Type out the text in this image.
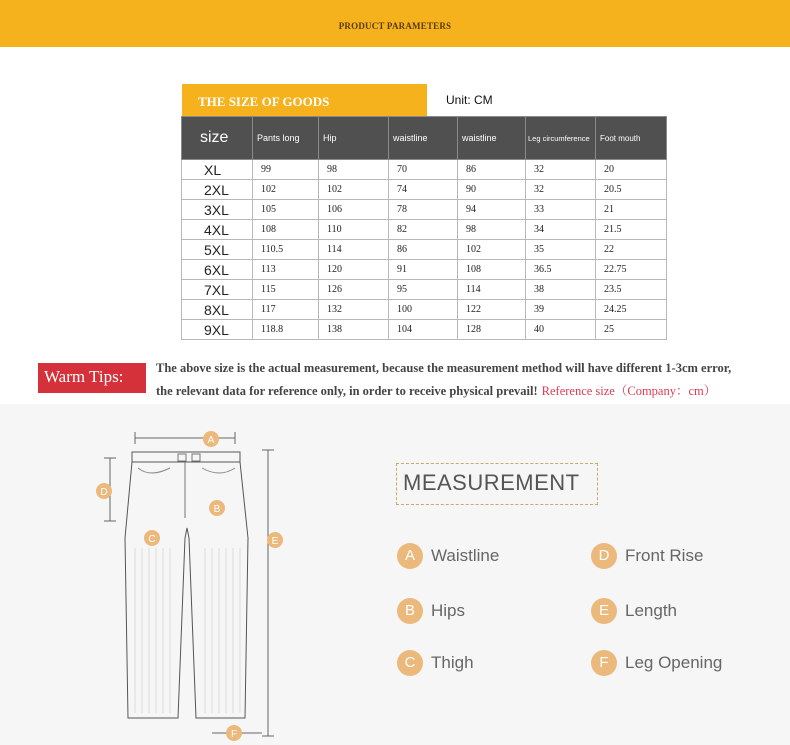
PRODUCT PARAMETERS
THE SIZE OF GOODS	Unit: CM
size	Pants long	Hip	waistline	waistline	Leg circumference	Foot mouth
XL	99	98	70	86	32	20
2XL	102	102	74	90	32	20.5
3XL	105	106	78	94	33	21
4XL	108	110	82	98	34	21.5
5XL	110.5	114	86	102	35	22
6XL	113	120	91	108	36.5	22.75
7XL	115	126	95	114	38	23.5
8XL	117	132	100	122	39	24.25
9XL	118.8	138	104	128	40	25
Warm Tips:	The above size is the actual measurement, because the measurement method will have different 1-3cm error,
the relevant data for reference only, in order to receive physical prevail! Reference size（Company：cm）
A
B
C
D
E
F
MEASUREMENT
A Waistline
B Hips
C Thigh
D Front Rise
E Length
F Leg Opening
